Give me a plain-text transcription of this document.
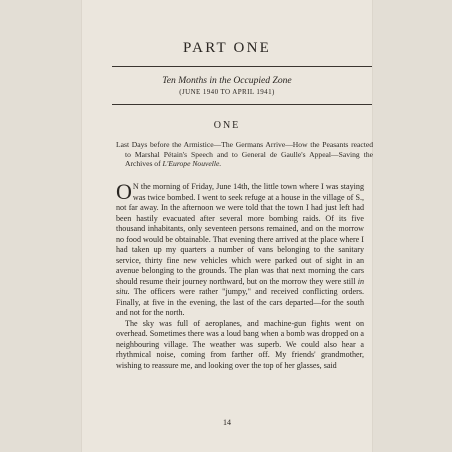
PART ONE
Ten Months in the Occupied Zone
(JUNE 1940 TO APRIL 1941)
ONE
Last Days before the Armistice—The Germans Arrive—How the Peasants reacted to Marshal Pétain's Speech and to General de Gaulle's Appeal—Saving the Archives of L'Europe Nouvelle.

O N the morning of Friday, June 14th, the little town where I was staying was twice bombed. I went to seek refuge at a house in the village of S., not far away. In the afternoon we were told that the town I had just left had been hastily evacuated after several more bombing raids. Of its five thousand inhabitants, only seventeen persons remained, and on the morrow no food would be obtainable. That evening there arrived at the place where I had taken up my quarters a number of vans belonging to the sanitary service, thirty fine new vehicles which were parked out of sight in an avenue belonging to the grounds. The plan was that next morning the cars should resume their journey northward, but on the morrow they were still in situ. The officers were rather "jumpy," and received conflicting orders. Finally, at five in the evening, the last of the cars departed—for the south and not for the north.

The sky was full of aeroplanes, and machine-gun fights went on overhead. Sometimes there was a loud bang when a bomb was dropped on a neighbouring village. The weather was superb. We could also hear a rhythmical noise, coming from farther off. My friends' grandmother, wishing to reassure me, and looking over the top of her glasses, said

14
